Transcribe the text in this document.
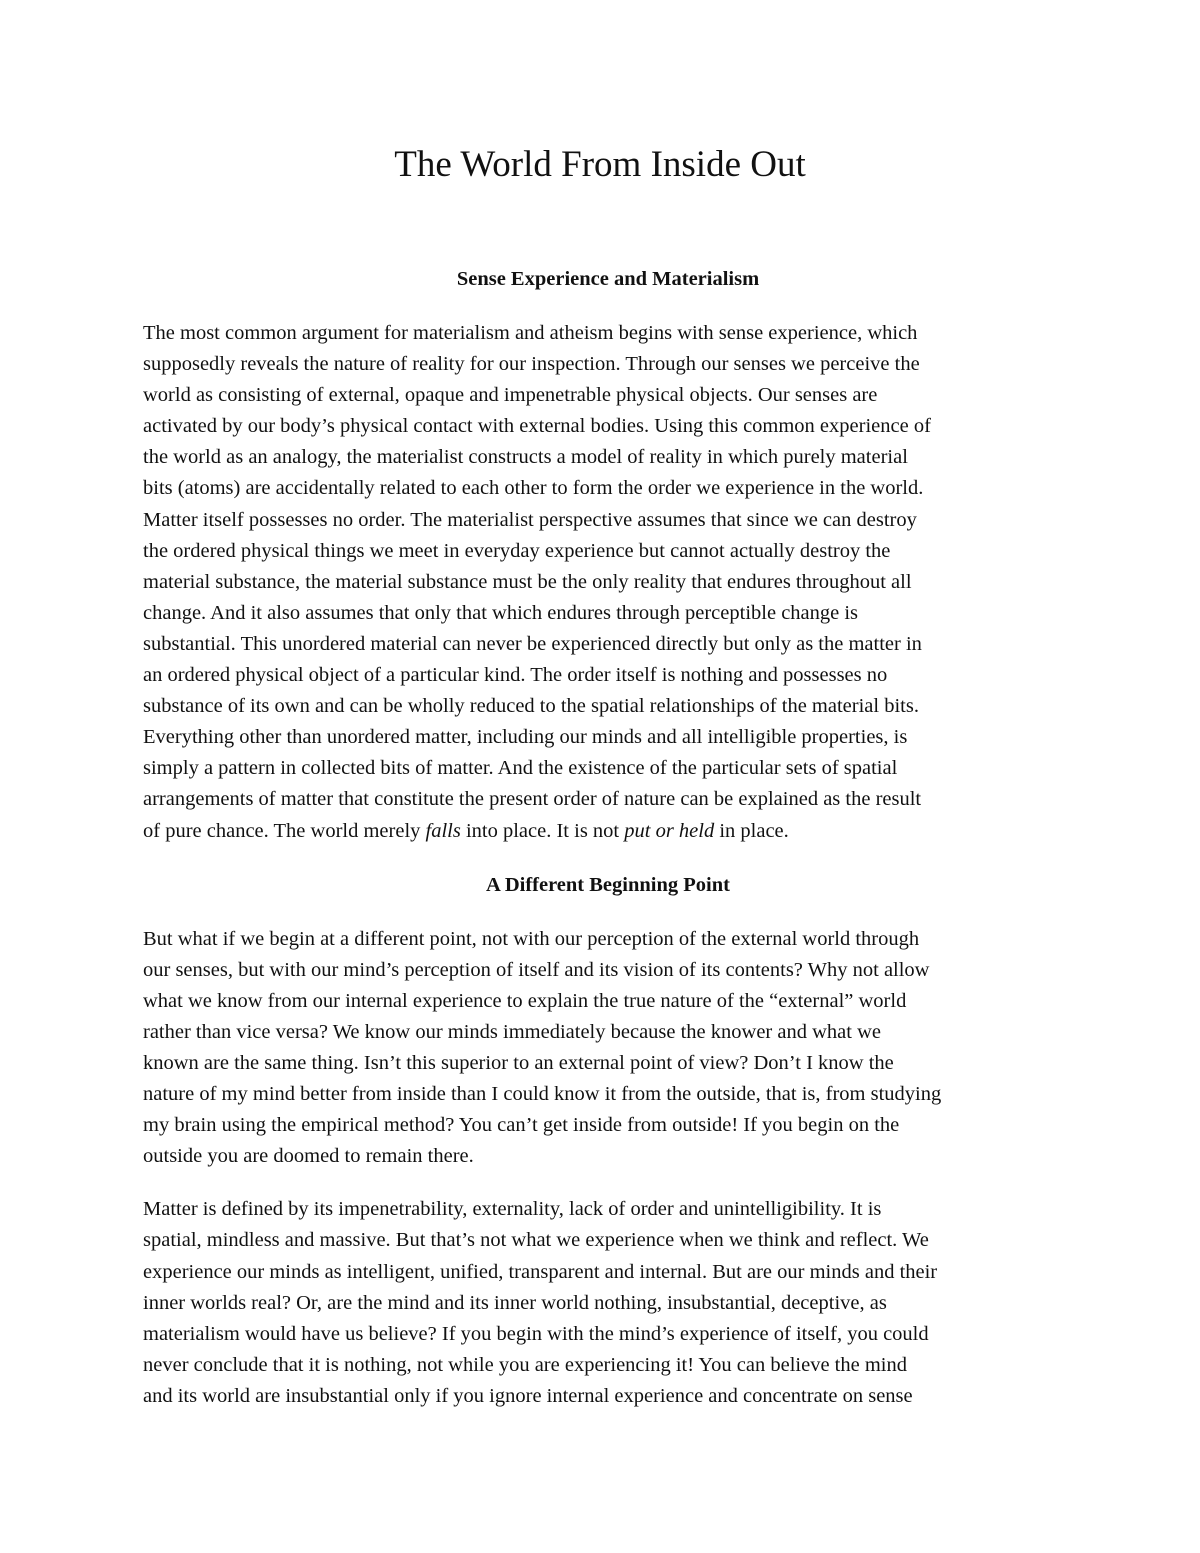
The World From Inside Out
Sense Experience and Materialism

The most common argument for materialism and atheism begins with sense experience, which
supposedly reveals the nature of reality for our inspection. Through our senses we perceive the
world as consisting of external, opaque and impenetrable physical objects. Our senses are
activated by our body’s physical contact with external bodies. Using this common experience of
the world as an analogy, the materialist constructs a model of reality in which purely material
bits (atoms) are accidentally related to each other to form the order we experience in the world.
Matter itself possesses no order. The materialist perspective assumes that since we can destroy
the ordered physical things we meet in everyday experience but cannot actually destroy the
material substance, the material substance must be the only reality that endures throughout all
change. And it also assumes that only that which endures through perceptible change is
substantial. This unordered material can never be experienced directly but only as the matter in
an ordered physical object of a particular kind. The order itself is nothing and possesses no
substance of its own and can be wholly reduced to the spatial relationships of the material bits.
Everything other than unordered matter, including our minds and all intelligible properties, is
simply a pattern in collected bits of matter. And the existence of the particular sets of spatial
arrangements of matter that constitute the present order of nature can be explained as the result
of pure chance. The world merely falls into place. It is not put or held in place.

A Different Beginning Point

But what if we begin at a different point, not with our perception of the external world through
our senses, but with our mind’s perception of itself and its vision of its contents? Why not allow
what we know from our internal experience to explain the true nature of the “external” world
rather than vice versa? We know our minds immediately because the knower and what we
known are the same thing. Isn’t this superior to an external point of view? Don’t I know the
nature of my mind better from inside than I could know it from the outside, that is, from studying
my brain using the empirical method? You can’t get inside from outside! If you begin on the
outside you are doomed to remain there.

Matter is defined by its impenetrability, externality, lack of order and unintelligibility. It is
spatial, mindless and massive. But that’s not what we experience when we think and reflect. We
experience our minds as intelligent, unified, transparent and internal. But are our minds and their
inner worlds real? Or, are the mind and its inner world nothing, insubstantial, deceptive, as
materialism would have us believe? If you begin with the mind’s experience of itself, you could
never conclude that it is nothing, not while you are experiencing it! You can believe the mind
and its world are insubstantial only if you ignore internal experience and concentrate on sense
